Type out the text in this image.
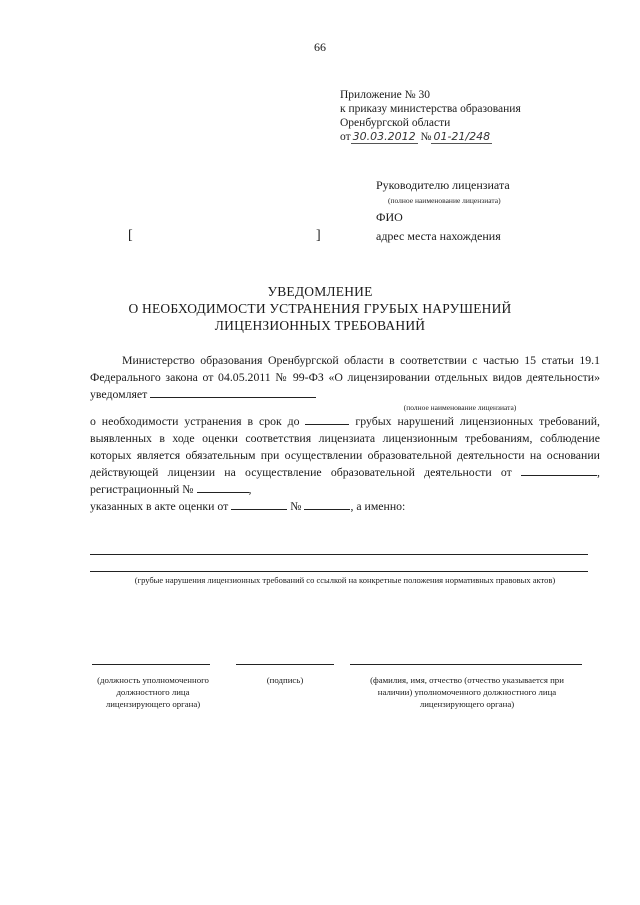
66
Приложение № 30
к приказу министерства образования
Оренбургской области
от 30.03.2012 № 01-21/248
Руководителю лицензиата
(полное наименование лицензиата)
ФИО
адрес места нахождения
[	]
УВЕДОМЛЕНИЕ
О НЕОБХОДИМОСТИ УСТРАНЕНИЯ ГРУБЫХ НАРУШЕНИЙ
ЛИЦЕНЗИОННЫХ ТРЕБОВАНИЙ

Министерство образования Оренбургской области в соответствии с частью 15 статьи 19.1 Федерального закона от 04.05.2011 № 99-ФЗ «О лицензировании отдельных видов деятельности» уведомляет

(полное наименование лицензиата)

о необходимости устранения в срок до	грубых нарушений лицензионных требований, выявленных в ходе оценки соответствия лицензиата лицензионным требованиям, соблюдение которых является обязательным при осуществлении образовательной деятельности на основании действующей лицензии на осуществление образовательной деятельности от	, регистрационный №	,

указанных в акте оценки от	№	, а именно:

(грубые нарушения лицензионных требований со ссылкой на конкретные положения нормативных правовых актов)
(должность уполномоченного должностного лица лицензирующего органа)
(подпись)	(фамилия, имя, отчество (отчество указывается при наличии) уполномоченного должностного лица лицензирующего органа)
